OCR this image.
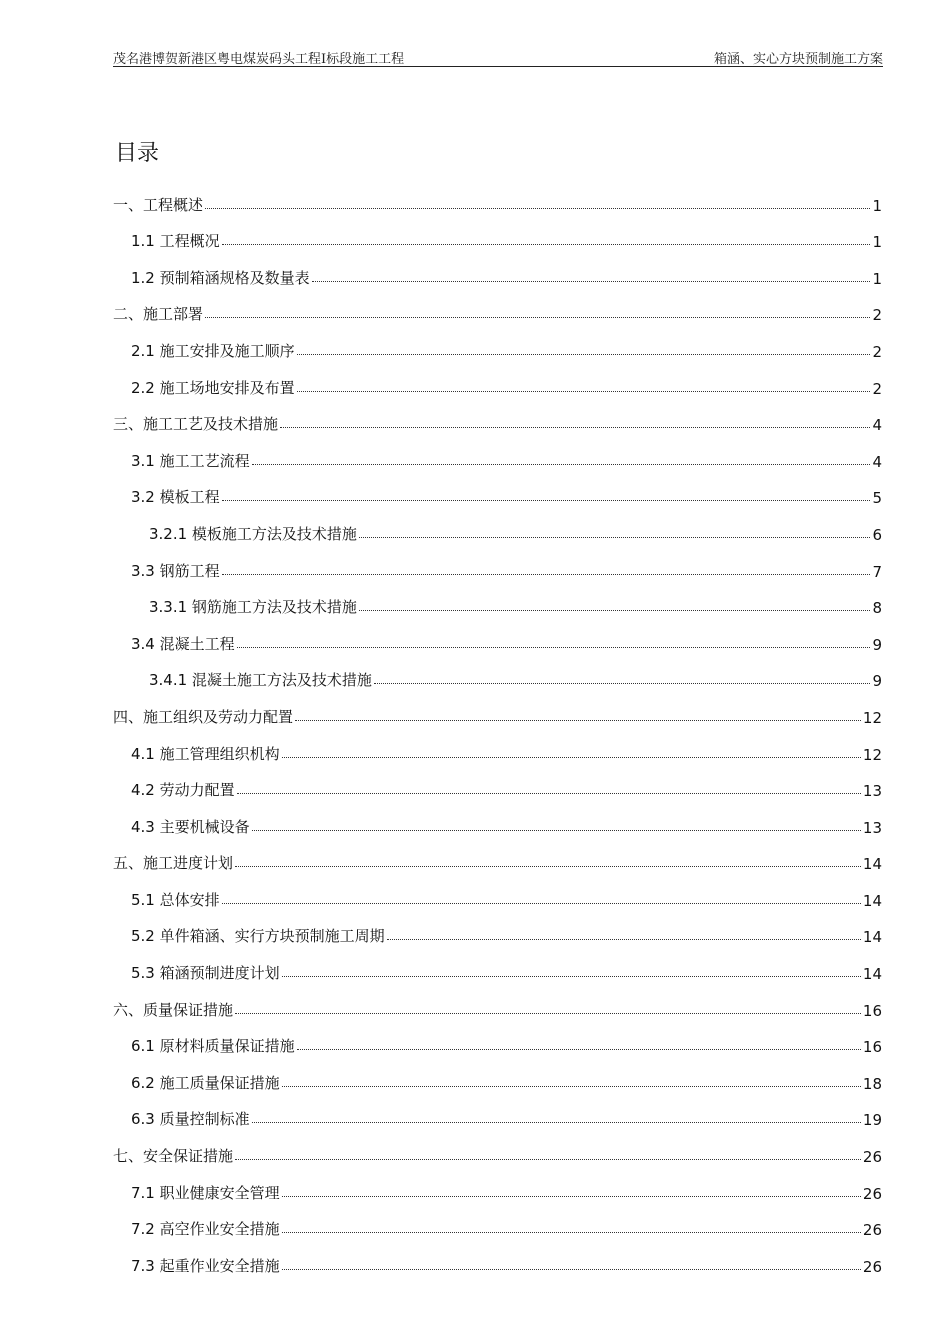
茂名港博贺新港区粤电煤炭码头工程Ⅰ标段施工工程	箱涵、实心方块预制施工方案
目录
一、工程概述	1
1.1 工程概况	1
1.2 预制箱涵规格及数量表	1
二、施工部署	2
2.1 施工安排及施工顺序	2
2.2 施工场地安排及布置	2
三、施工工艺及技术措施	4
3.1 施工工艺流程	4
3.2 模板工程	5
3.2.1 模板施工方法及技术措施	6
3.3 钢筋工程	7
3.3.1 钢筋施工方法及技术措施	8
3.4 混凝土工程	9
3.4.1 混凝土施工方法及技术措施	9
四、施工组织及劳动力配置	12
4.1 施工管理组织机构	12
4.2 劳动力配置	13
4.3 主要机械设备	13
五、施工进度计划	14
5.1 总体安排	14
5.2 单件箱涵、实行方块预制施工周期	14
5.3 箱涵预制进度计划	14
六、质量保证措施	16
6.1 原材料质量保证措施	16
6.2 施工质量保证措施	18
6.3 质量控制标准	19
七、安全保证措施	26
7.1 职业健康安全管理	26
7.2 高空作业安全措施	26
7.3 起重作业安全措施	26
